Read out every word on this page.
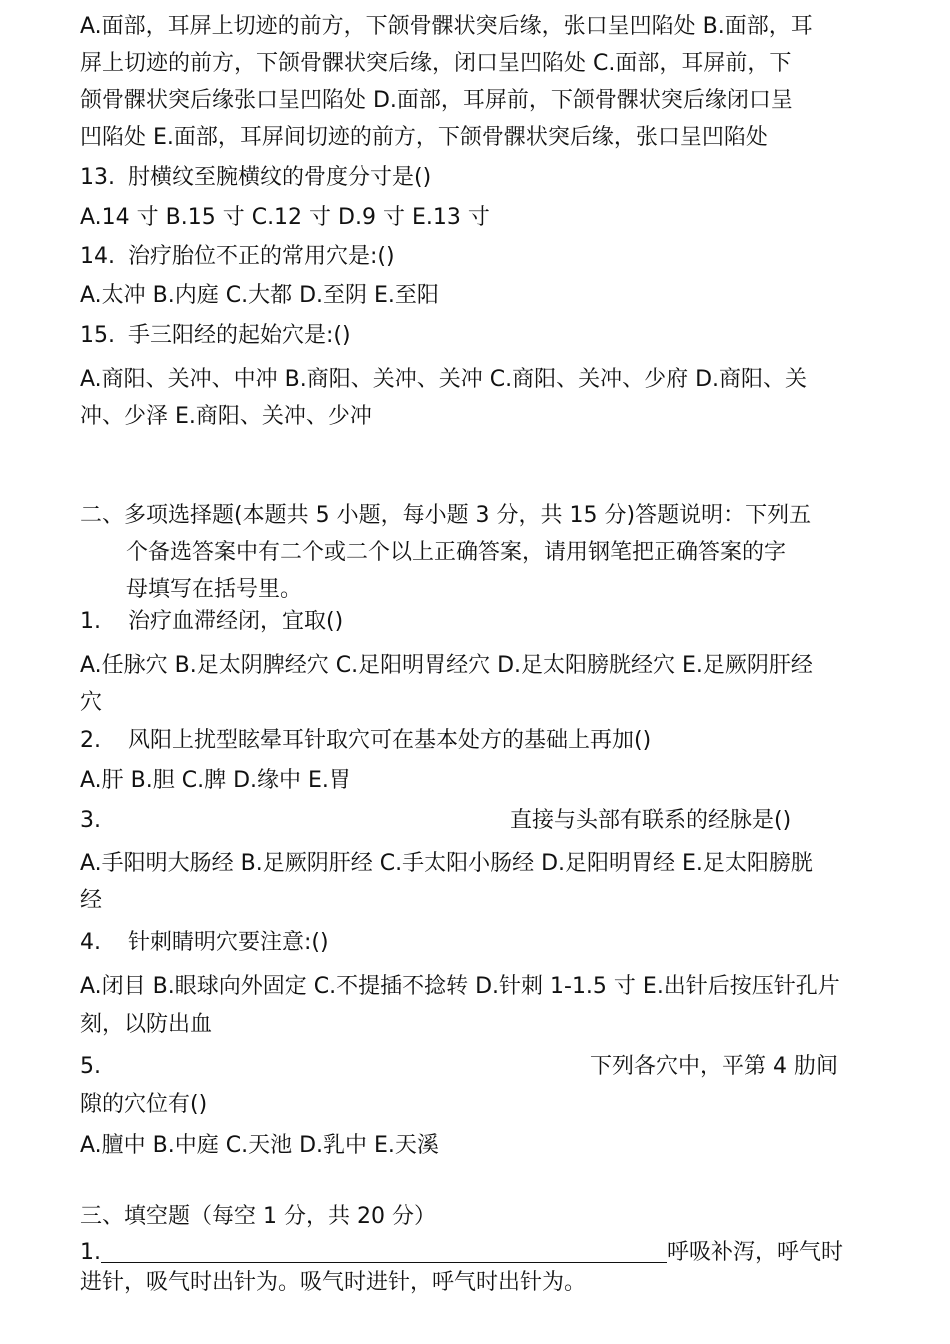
A.面部，耳屏上切迹的前方，下颌骨髁状突后缘，张口呈凹陷处 B.面部，耳
屏上切迹的前方，下颌骨髁状突后缘，闭口呈凹陷处 C.面部，耳屏前，下
颌骨髁状突后缘张口呈凹陷处 D.面部，耳屏前，下颌骨髁状突后缘闭口呈
凹陷处 E.面部，耳屏间切迹的前方，下颌骨髁状突后缘，张口呈凹陷处
13. 肘横纹至腕横纹的骨度分寸是()
A.14 寸 B.15 寸 C.12 寸 D.9 寸 E.13 寸
14. 治疗胎位不正的常用穴是:()
A.太冲 B.内庭 C.大都 D.至阴 E.至阳
15. 手三阳经的起始穴是:()
A.商阳、关冲、中冲 B.商阳、关冲、关冲 C.商阳、关冲、少府 D.商阳、关
冲、少泽 E.商阳、关冲、少冲
二、多项选择题(本题共 5 小题，每小题 3 分，共 15 分)答题说明：下列五
个备选答案中有二个或二个以上正确答案，请用钢笔把正确答案的字
母填写在括号里。
1. 治疗血滞经闭，宜取()
A.任脉穴 B.足太阴脾经穴 C.足阳明胃经穴 D.足太阳膀胱经穴 E.足厥阴肝经
穴
2. 风阳上扰型眩晕耳针取穴可在基本处方的基础上再加()
A.肝 B.胆 C.脾 D.缘中 E.胃
3.	直接与头部有联系的经脉是()
A.手阳明大肠经 B.足厥阴肝经 C.手太阳小肠经 D.足阳明胃经 E.足太阳膀胱
经
4. 针刺睛明穴要注意:()
A.闭目 B.眼球向外固定 C.不提插不捻转 D.针刺 1-1.5 寸 E.出针后按压针孔片
刻，以防出血
5.	下列各穴中，平第 4 肋间
隙的穴位有()
A.膻中 B.中庭 C.天池 D.乳中 E.天溪
三、填空题（每空 1 分，共 20 分）
1.	呼吸补泻，呼气时
进针，吸气时出针为。吸气时进针，呼气时出针为。
